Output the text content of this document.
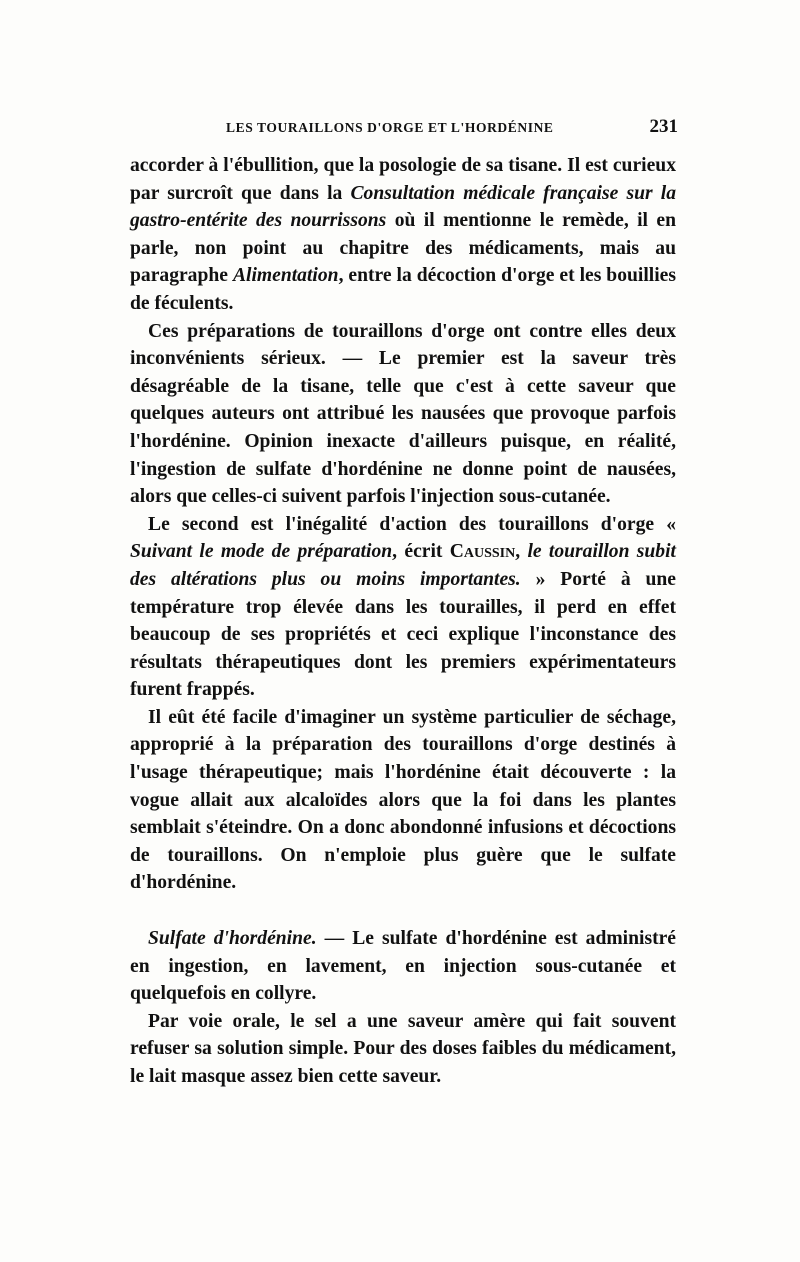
LES TOURAILLONS D'ORGE ET L'HORDÉNINE	231

accorder à l'ébullition, que la posologie de sa tisane. Il est curieux par surcroît que dans la Consultation médicale française sur la gastro-entérite des nourrissons où il mentionne le remède, il en parle, non point au chapitre des médicaments, mais au paragraphe Alimentation, entre la décoction d'orge et les bouillies de féculents.

Ces préparations de touraillons d'orge ont contre elles deux inconvénients sérieux. — Le premier est la saveur très désagréable de la tisane, telle que c'est à cette saveur que quelques auteurs ont attribué les nausées que provoque parfois l'hordénine. Opinion inexacte d'ailleurs puisque, en réalité, l'ingestion de sulfate d'hordénine ne donne point de nausées, alors que celles-ci suivent parfois l'injection sous-cutanée.

Le second est l'inégalité d'action des touraillons d'orge « Suivant le mode de préparation, écrit Caussin, le touraillon subit des altérations plus ou moins importantes. » Porté à une température trop élevée dans les tourailles, il perd en effet beaucoup de ses propriétés et ceci explique l'inconstance des résultats thérapeutiques dont les premiers expérimentateurs furent frappés.

Il eût été facile d'imaginer un système particulier de séchage, approprié à la préparation des touraillons d'orge destinés à l'usage thérapeutique; mais l'hordénine était découverte : la vogue allait aux alcaloïdes alors que la foi dans les plantes semblait s'éteindre. On a donc abondonné infusions et décoctions de touraillons. On n'emploie plus guère que le sulfate d'hordénine.

Sulfate d'hordénine. — Le sulfate d'hordénine est administré en ingestion, en lavement, en injection sous-cutanée et quelquefois en collyre.

Par voie orale, le sel a une saveur amère qui fait souvent refuser sa solution simple. Pour des doses faibles du médicament, le lait masque assez bien cette saveur.
